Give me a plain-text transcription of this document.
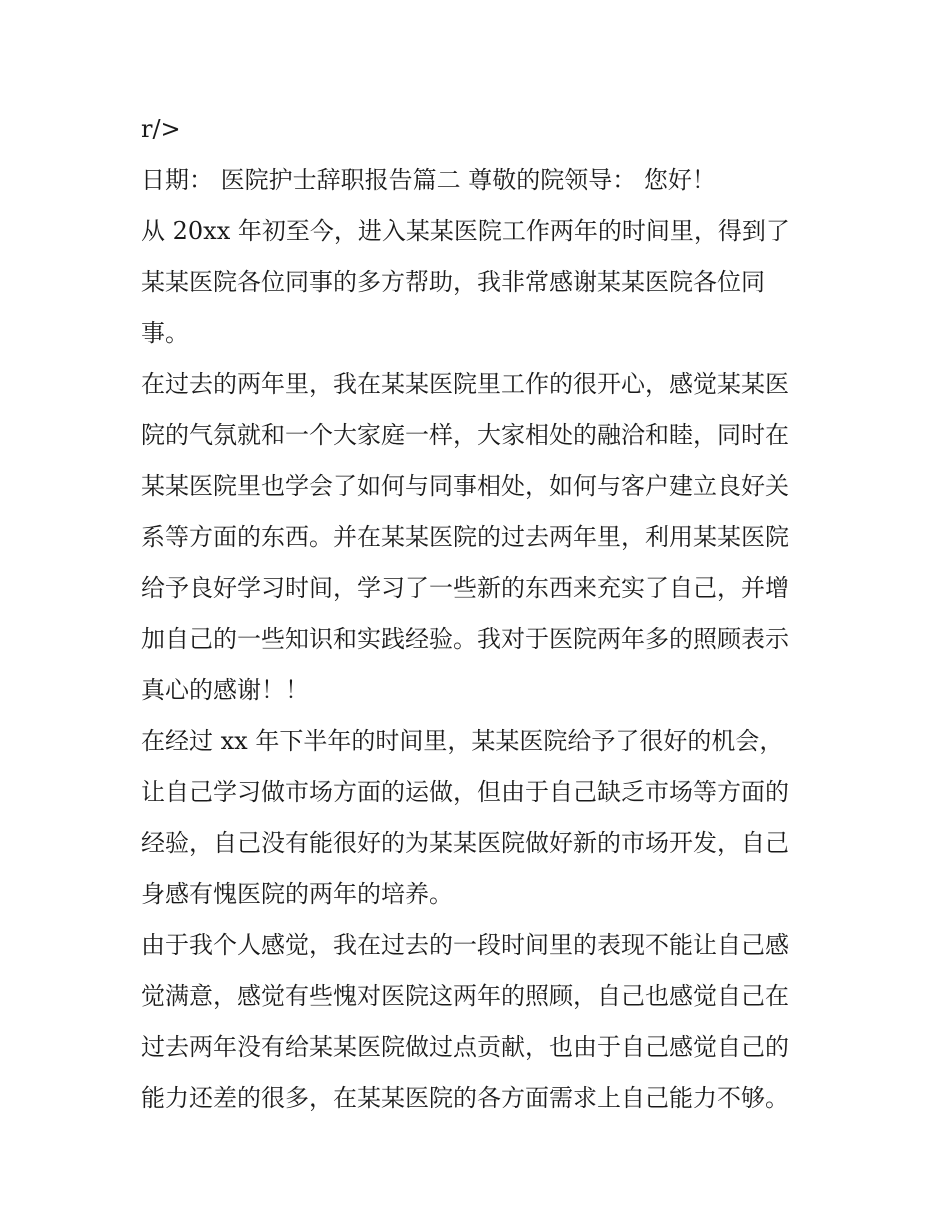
r/>
日期： 医院护士辞职报告篇二 尊敬的院领导： 您好！
从 20xx 年初至今，进入某某医院工作两年的时间里，得到了
某某医院各位同事的多方帮助，我非常感谢某某医院各位同
事。
在过去的两年里，我在某某医院里工作的很开心，感觉某某医
院的气氛就和一个大家庭一样，大家相处的融洽和睦，同时在
某某医院里也学会了如何与同事相处，如何与客户建立良好关
系等方面的东西。并在某某医院的过去两年里，利用某某医院
给予良好学习时间，学习了一些新的东西来充实了自己，并增
加自己的一些知识和实践经验。我对于医院两年多的照顾表示
真心的感谢！！
在经过 xx 年下半年的时间里，某某医院给予了很好的机会，
让自己学习做市场方面的运做，但由于自己缺乏市场等方面的
经验，自己没有能很好的为某某医院做好新的市场开发，自己
身感有愧医院的两年的培养。
由于我个人感觉，我在过去的一段时间里的表现不能让自己感
觉满意，感觉有些愧对医院这两年的照顾，自己也感觉自己在
过去两年没有给某某医院做过点贡献，也由于自己感觉自己的
能力还差的很多，在某某医院的各方面需求上自己能力不够。
